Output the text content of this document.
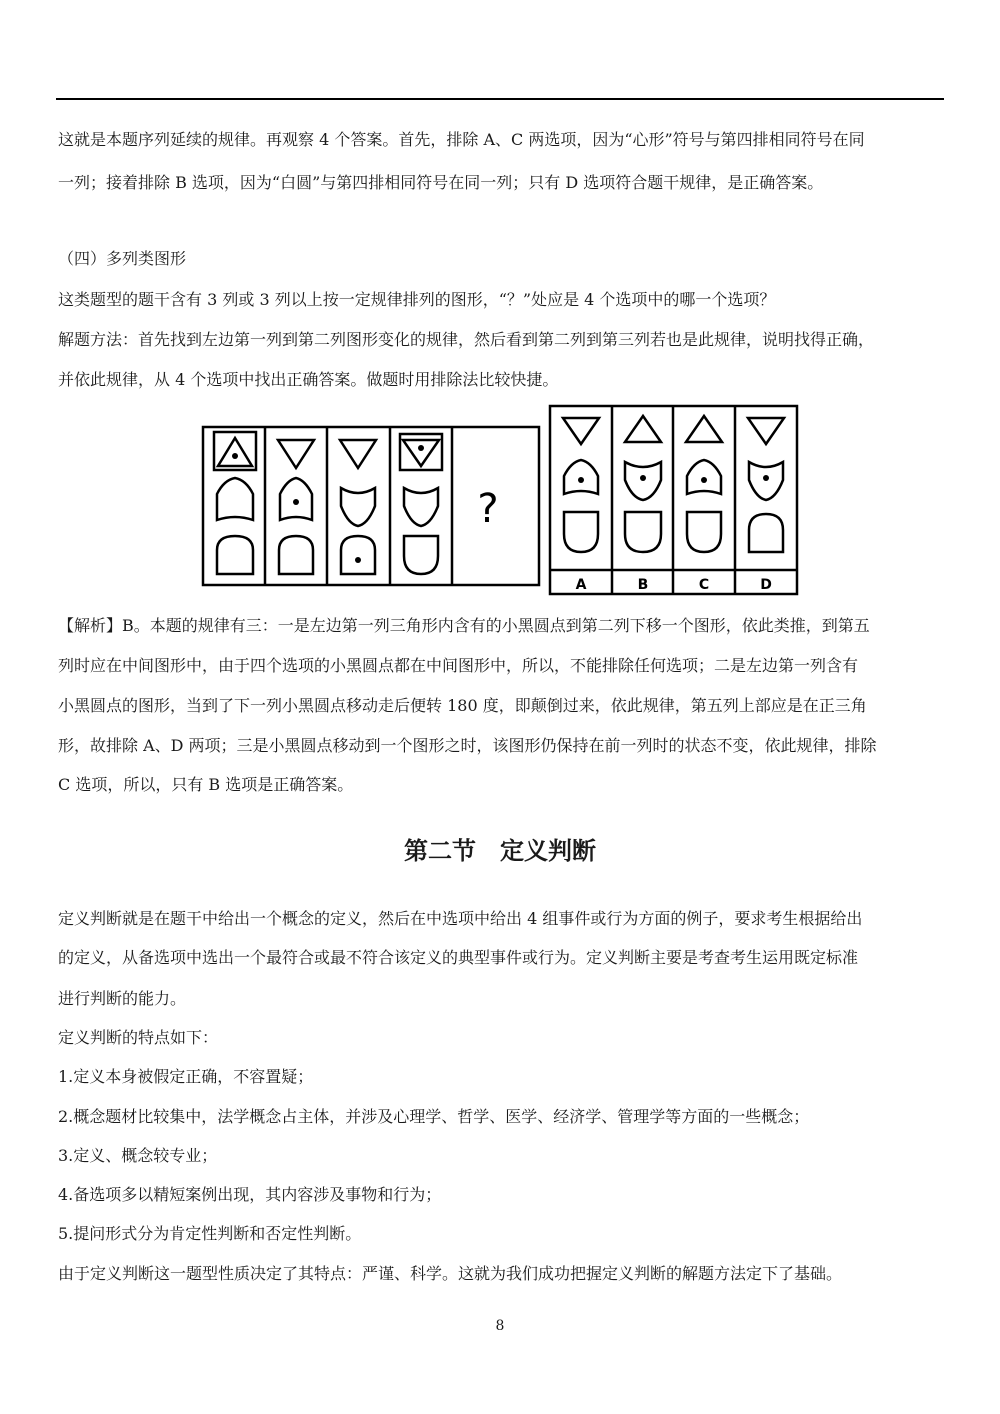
这就是本题序列延续的规律。再观察 4 个答案。首先，排除 A、C 两选项，因为“心形”符号与第四排相同符号在同
一列；接着排除 B 选项，因为“白圆”与第四排相同符号在同一列；只有 D 选项符合题干规律，是正确答案。
（四）多列类图形
这类题型的题干含有 3 列或 3 列以上按一定规律排列的图形，“？”处应是 4 个选项中的哪一个选项？
解题方法：首先找到左边第一列到第二列图形变化的规律，然后看到第二列到第三列若也是此规律，说明找得正确，
并依此规律，从 4 个选项中找出正确答案。做题时用排除法比较快捷。
?
A	B	C	D
【解析】B。本题的规律有三：一是左边第一列三角形内含有的小黑圆点到第二列下移一个图形，依此类推，到第五
列时应在中间图形中，由于四个选项的小黑圆点都在中间图形中，所以，不能排除任何选项；二是左边第一列含有
小黑圆点的图形，当到了下一列小黑圆点移动走后便转 180 度，即颠倒过来，依此规律，第五列上部应是在正三角
形，故排除 A、D 两项；三是小黑圆点移动到一个图形之时，该图形仍保持在前一列时的状态不变，依此规律，排除
C 选项，所以，只有 B 选项是正确答案。
第二节　定义判断
定义判断就是在题干中给出一个概念的定义，然后在中选项中给出 4 组事件或行为方面的例子，要求考生根据给出
的定义，从备选项中选出一个最符合或最不符合该定义的典型事件或行为。定义判断主要是考查考生运用既定标准
进行判断的能力。
定义判断的特点如下：
1.定义本身被假定正确，不容置疑；
2.概念题材比较集中，法学概念占主体，并涉及心理学、哲学、医学、经济学、管理学等方面的一些概念；
3.定义、概念较专业；
4.备选项多以精短案例出现，其内容涉及事物和行为；
5.提问形式分为肯定性判断和否定性判断。
由于定义判断这一题型性质决定了其特点：严谨、科学。这就为我们成功把握定义判断的解题方法定下了基础。
8
